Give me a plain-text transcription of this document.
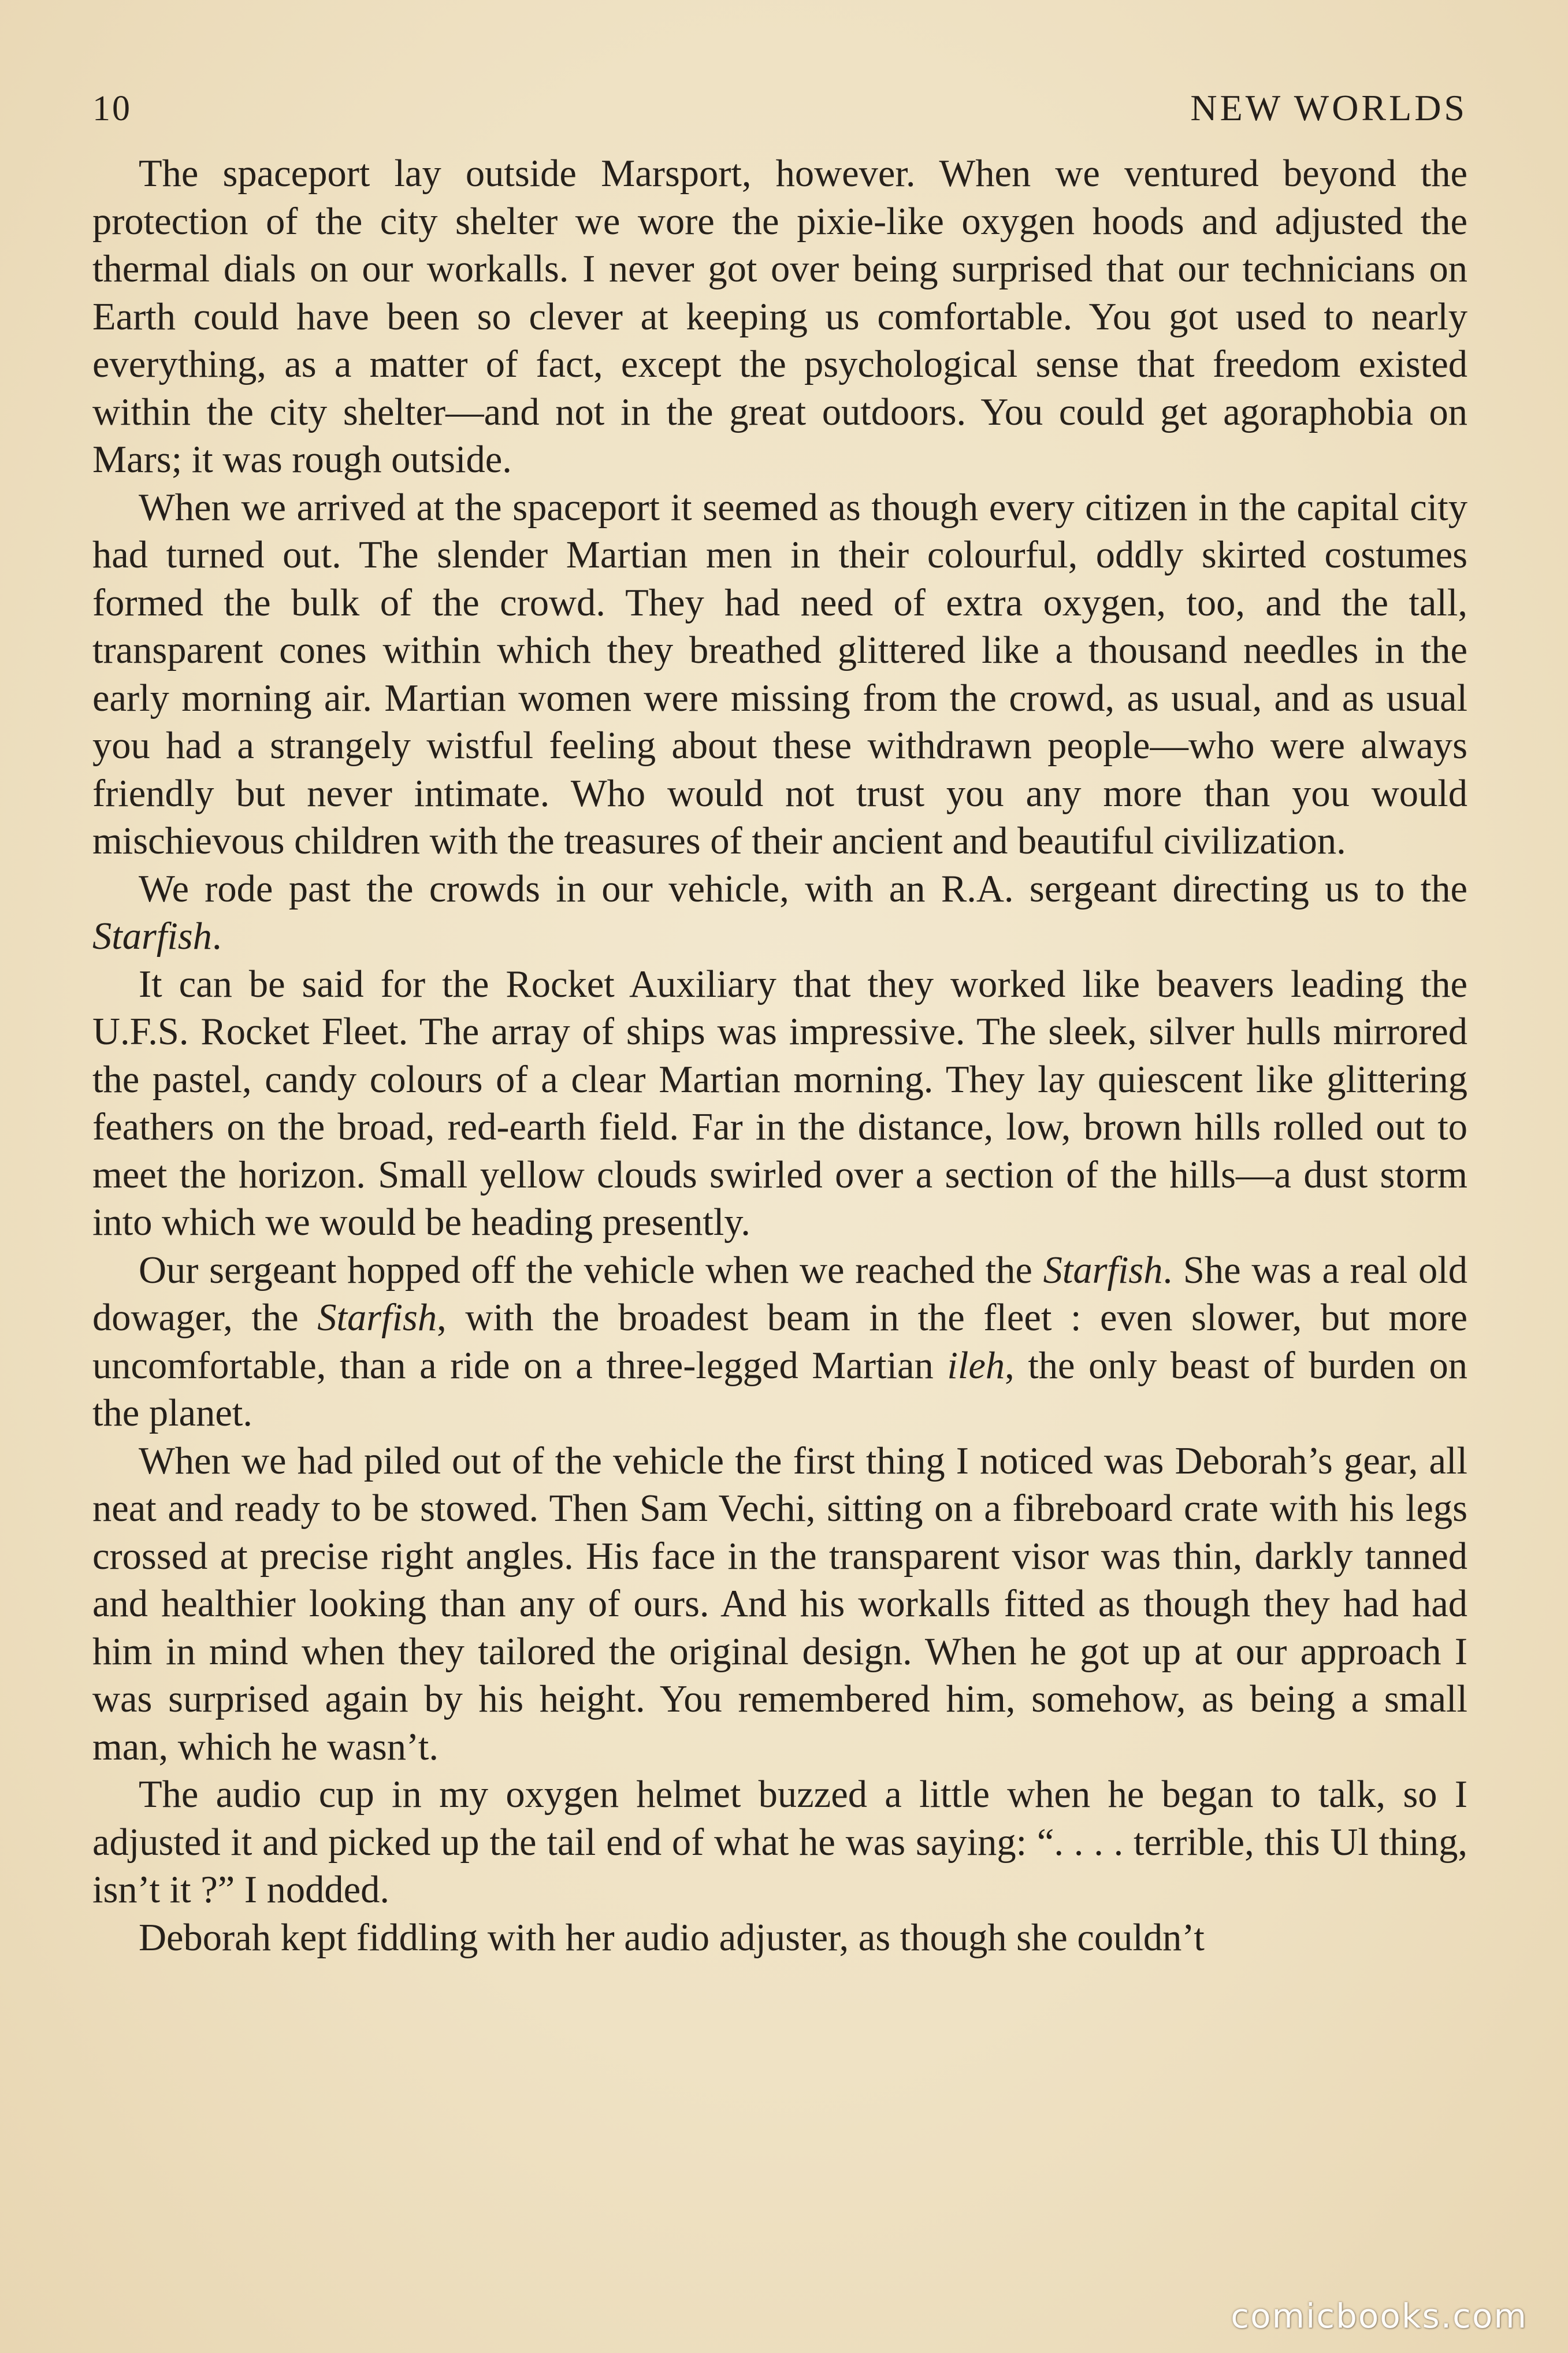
10	NEW WORLDS

The spaceport lay outside Marsport, however. When we ventured beyond the protection of the city shelter we wore the pixie-like oxygen hoods and adjusted the thermal dials on our workalls. I never got over being surprised that our technicians on Earth could have been so clever at keeping us comfortable. You got used to nearly everything, as a matter of fact, except the psychological sense that freedom existed within the city shelter—and not in the great outdoors. You could get agoraphobia on Mars; it was rough outside.

When we arrived at the spaceport it seemed as though every citizen in the capital city had turned out. The slender Martian men in their colourful, oddly skirted costumes formed the bulk of the crowd. They had need of extra oxygen, too, and the tall, transparent cones within which they breathed glittered like a thousand needles in the early morning air. Martian women were missing from the crowd, as usual, and as usual you had a strangely wistful feeling about these withdrawn people—who were always friendly but never intimate. Who would not trust you any more than you would mischievous children with the treasures of their ancient and beautiful civilization.

We rode past the crowds in our vehicle, with an R.A. sergeant directing us to the Starfish.

It can be said for the Rocket Auxiliary that they worked like beavers leading the U.F.S. Rocket Fleet. The array of ships was impressive. The sleek, silver hulls mirrored the pastel, candy colours of a clear Martian morning. They lay quiescent like glittering feathers on the broad, red-earth field. Far in the distance, low, brown hills rolled out to meet the horizon. Small yellow clouds swirled over a section of the hills—a dust storm into which we would be heading presently.

Our sergeant hopped off the vehicle when we reached the Starfish. She was a real old dowager, the Starfish, with the broadest beam in the fleet : even slower, but more uncomfortable, than a ride on a three-legged Martian ileh, the only beast of burden on the planet.

When we had piled out of the vehicle the first thing I noticed was Deborah’s gear, all neat and ready to be stowed. Then Sam Vechi, sitting on a fibreboard crate with his legs crossed at precise right angles. His face in the transparent visor was thin, darkly tanned and healthier looking than any of ours. And his workalls fitted as though they had had him in mind when they tailored the original design. When he got up at our approach I was surprised again by his height. You remembered him, somehow, as being a small man, which he wasn’t.

The audio cup in my oxygen helmet buzzed a little when he began to talk, so I adjusted it and picked up the tail end of what he was saying: “. . . . terrible, this Ul thing, isn’t it ?” I nodded.

Deborah kept fiddling with her audio adjuster, as though she couldn’t

comicbooks.com
